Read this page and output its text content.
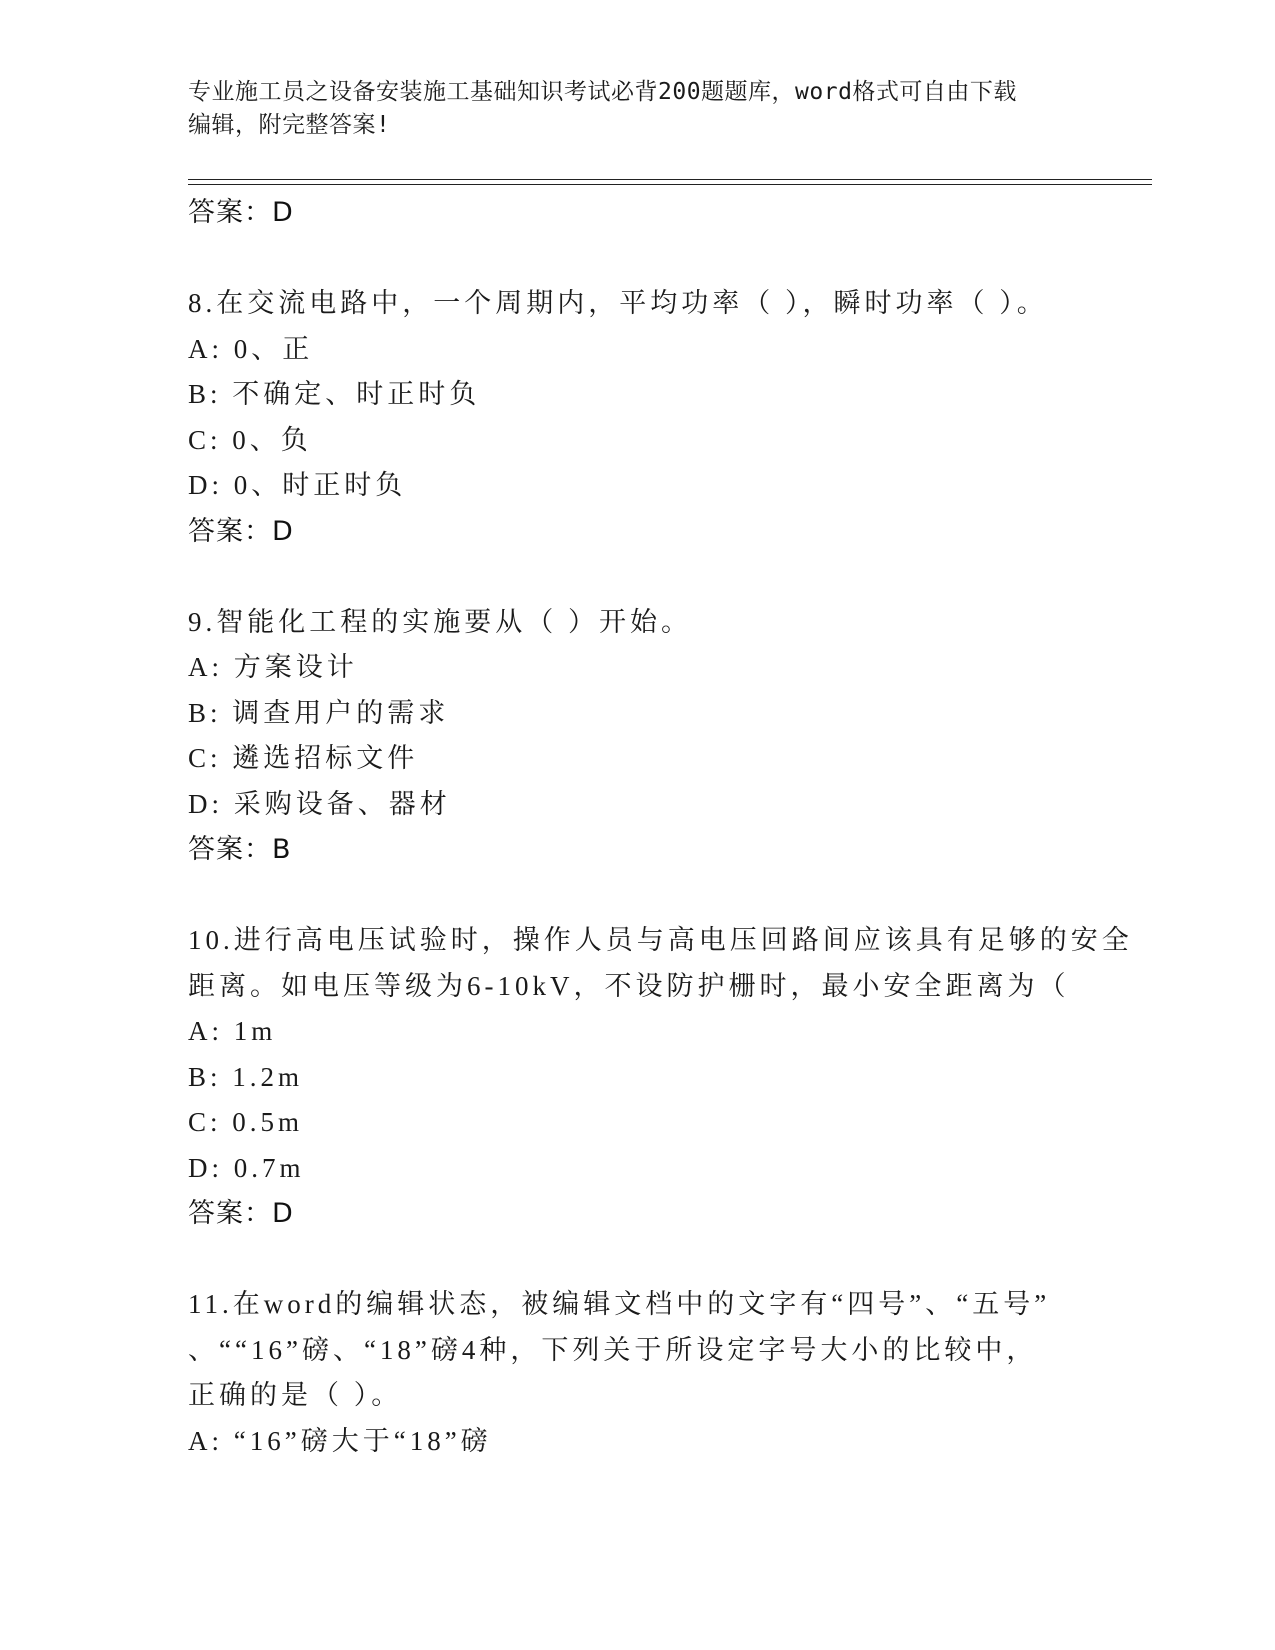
专业施工员之设备安装施工基础知识考试必背200题题库，word格式可自由下载
编辑，附完整答案!
答案：D
8.在交流电路中，一个周期内，平均功率（ ），瞬时功率（ ）。
A: 0、正
B: 不确定、时正时负
C: 0、负
D: 0、时正时负
答案：D
9.智能化工程的实施要从（ ）开始。
A: 方案设计
B: 调查用户的需求
C: 遴选招标文件
D: 采购设备、器材
答案：B
10.进行高电压试验时，操作人员与高电压回路间应该具有足够的安全
距离。如电压等级为6-10kV，不设防护栅时，最小安全距离为（
A: 1m
B: 1.2m
C: 0.5m
D: 0.7m
答案：D
11.在word的编辑状态，被编辑文档中的文字有“四号”、“五号”
、““16”磅、“18”磅4种，下列关于所设定字号大小的比较中，
正确的是（ ）。
A: “16”磅大于“18”磅
